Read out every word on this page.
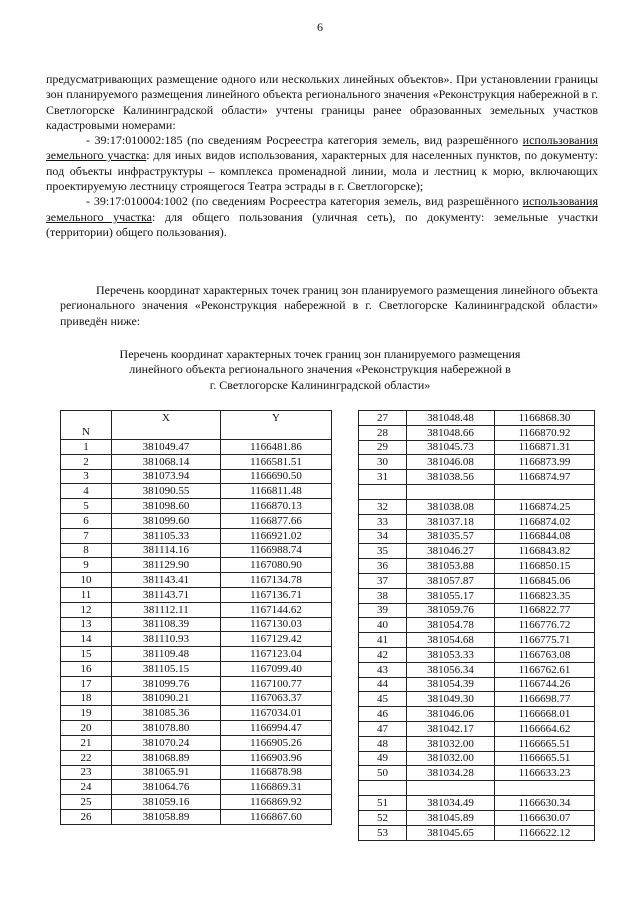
6

предусматривающих размещение одного или нескольких линейных объектов». При установлении границы зон планируемого размещения линейного объекта регионального значения «Реконструкция набережной в г. Светлогорске Калининградской области» учтены границы ранее образованных земельных участков кадастровыми номерами:

- 39:17:010002:185 (по сведениям Росреестра категория земель, вид разрешённого использования земельного участка: для иных видов использования, характерных для населенных пунктов, по документу: под объекты инфраструктуры – комплекса променадной линии, мола и лестниц к морю, включающих проектируемую лестницу строящегося Театра эстрады в г. Светлогорске);

- 39:17:010004:1002 (по сведениям Росреестра категория земель, вид разрешённого использования земельного участка: для общего пользования (уличная сеть), по документу: земельные участки (территории) общего пользования).

Перечень координат характерных точек границ зон планируемого размещения линейного объекта регионального значения «Реконструкция набережной в г. Светлогорске Калининградской области» приведён ниже:

Перечень координат характерных точек границ зон планируемого размещения
линейного объекта регионального значения «Реконструкция набережной в
г. Светлогорске Калининградской области»
N	X	Y
1	381049.47	1166481.86
2	381068.14	1166581.51
3	381073.94	1166690.50
4	381090.55	1166811.48
5	381098.60	1166870.13
6	381099.60	1166877.66
7	381105.33	1166921.02
8	381114.16	1166988.74
9	381129.90	1167080.90
10	381143.41	1167134.78
11	381143.71	1167136.71
12	381112.11	1167144.62
13	381108.39	1167130.03
14	381110.93	1167129.42
15	381109.48	1167123.04
16	381105.15	1167099.40
17	381099.76	1167100.77
18	381090.21	1167063.37
19	381085.36	1167034.01
20	381078.80	1166994.47
21	381070.24	1166905.26
22	381068.89	1166903.96
23	381065.91	1166878.98
24	381064.76	1166869.31
25	381059.16	1166869.92
26	381058.89	1166867.60
27	381048.48	1166868.30
28	381048.66	1166870.92
29	381045.73	1166871.31
30	381046.08	1166873.99
31	381038.56	1166874.97

32	381038.08	1166874.25
33	381037.18	1166874.02
34	381035.57	1166844.08
35	381046.27	1166843.82
36	381053.88	1166850.15
37	381057.87	1166845.06
38	381055.17	1166823.35
39	381059.76	1166822.77
40	381054.78	1166776.72
41	381054.68	1166775.71
42	381053.33	1166763.08
43	381056.34	1166762.61
44	381054.39	1166744.26
45	381049.30	1166698.77
46	381046.06	1166668.01
47	381042.17	1166664.62
48	381032.00	1166665.51
49	381032.00	1166665.51
50	381034.28	1166633.23

51	381034.49	1166630.34
52	381045.89	1166630.07
53	381045.65	1166622.12
